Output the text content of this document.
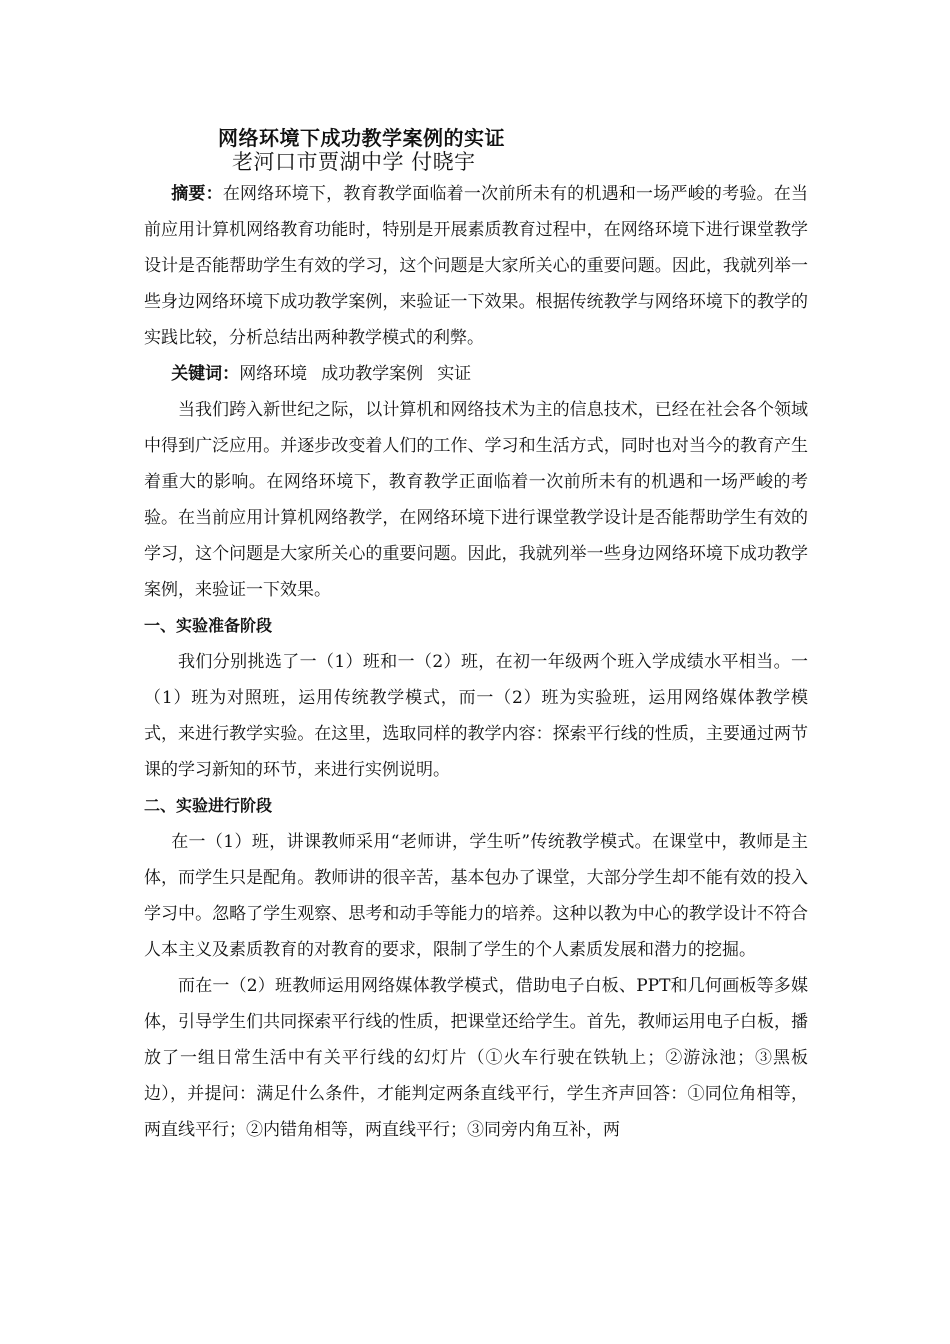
网络环境下成功教学案例的实证
老河口市贾湖中学 付晓宇

摘要：在网络环境下，教育教学面临着一次前所未有的机遇和一场严峻的考验。在当前应用计算机网络教育功能时，特别是开展素质教育过程中，在网络环境下进行课堂教学设计是否能帮助学生有效的学习，这个问题是大家所关心的重要问题。因此，我就列举一些身边网络环境下成功教学案例，来验证一下效果。根据传统教学与网络环境下的教学的实践比较，分析总结出两种教学模式的利弊。

关键词：网络环境 成功教学案例 实证

当我们跨入新世纪之际，以计算机和网络技术为主的信息技术，已经在社会各个领域中得到广泛应用。并逐步改变着人们的工作、学习和生活方式，同时也对当今的教育产生着重大的影响。在网络环境下，教育教学正面临着一次前所未有的机遇和一场严峻的考验。在当前应用计算机网络教学，在网络环境下进行课堂教学设计是否能帮助学生有效的学习，这个问题是大家所关心的重要问题。因此，我就列举一些身边网络环境下成功教学案例，来验证一下效果。

一、实验准备阶段

我们分别挑选了一（1）班和一（2）班，在初一年级两个班入学成绩水平相当。一（1）班为对照班，运用传统教学模式，而一（2）班为实验班，运用网络媒体教学模式，来进行教学实验。在这里，选取同样的教学内容：探索平行线的性质，主要通过两节课的学习新知的环节，来进行实例说明。

二、实验进行阶段

在一（1）班，讲课教师采用“老师讲，学生听”传统教学模式。在课堂中，教师是主体，而学生只是配角。教师讲的很辛苦，基本包办了课堂，大部分学生却不能有效的投入学习中。忽略了学生观察、思考和动手等能力的培养。这种以教为中心的教学设计不符合人本主义及素质教育的对教育的要求，限制了学生的个人素质发展和潜力的挖掘。

而在一（2）班教师运用网络媒体教学模式，借助电子白板、PPT和几何画板等多媒体，引导学生们共同探索平行线的性质，把课堂还给学生。首先，教师运用电子白板，播放了一组日常生活中有关平行线的幻灯片（①火车行驶在铁轨上；②游泳池；③黑板边），并提问：满足什么条件，才能判定两条直线平行，学生齐声回答：①同位角相等，两直线平行；②内错角相等，两直线平行；③同旁内角互补，两
